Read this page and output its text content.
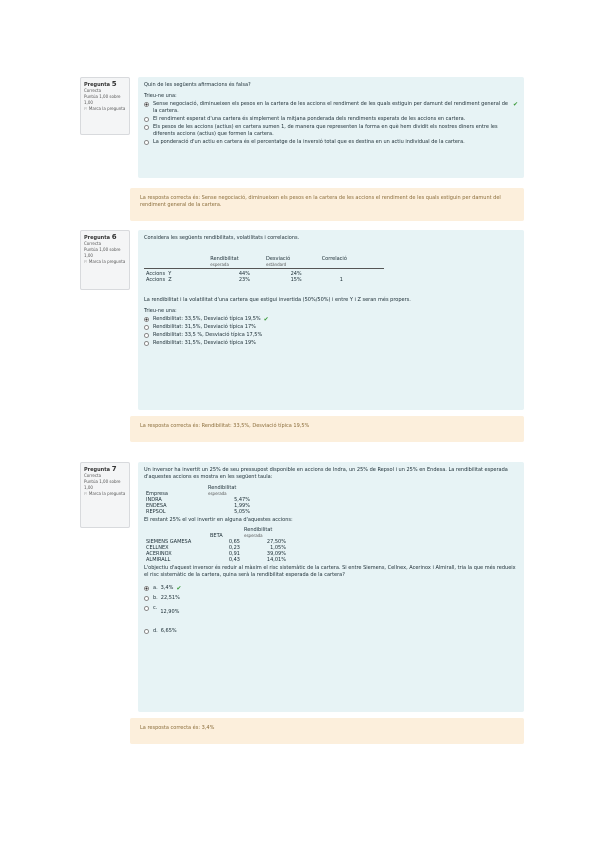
Pregunta 5
Correcta
Puntúa 1,00 sobre 1,00
⚐ Marca la pregunta
Quin de les següents afirmacions és falsa?
Trieu-ne una:
Sense negociació, diminueixen els pesos en la cartera de les accions el rendiment de les quals estiguin per damunt del rendiment general de la cartera.
✔
El rendiment esperat d'una cartera és simplement la mitjana ponderada dels rendiments esperats de les accions en cartera.
Els pesos de les accions (actius) en cartera sumen 1, de manera que representen la forma en què hem dividit els nostres diners entre les diferents accions (actius) que formen la cartera.
La ponderació d'un actiu en cartera és el percentatge de la inversió total que es destina en un actiu individual de la cartera.
La resposta correcta és: Sense negociació, diminueixen els pesos en la cartera de les accions el rendiment de les quals estiguin per damunt del rendiment general de la cartera.
Pregunta 6
Correcta
Puntúa 1,00 sobre 1,00
⚐ Marca la pregunta
Considera les següents rendibilitats, volatilitats i correlacions.
	Rendibilitat
esperada	Desviació
estàndard	Correlació
Accions Y	44%	24%	
Accions Z	23%	15%	1
La rendibilitat i la volatilitat d'una cartera que estigui invertida (50%/50%) i entre Y i Z seran més propers.
Trieu-ne una:
Rendibilitat: 33,5%, Desviació típica 19,5% ✔
Rendibilitat: 31,5%, Desviació típica 17%
Rendibilitat: 33,5 %, Desviació típica 17,5%
Rendibilitat: 31,5%, Desviació típica 19%
La resposta correcta és: Rendibilitat: 33,5%, Desviació típica 19,5%
Pregunta 7
Correcta
Puntúa 1,00 sobre 1,00
⚐ Marca la pregunta
Un inversor ha invertit un 25% de seu pressupost disponible en accions de Indra, un 25% de Repsol i un 25% en Endesa. La rendibilitat esperada d'aquestes accions es mostra en les següent taula:
Empresa	Rendibilitat
esperada

INDRA	5,47%
ENDESA	1,99%
REPSOL	5,05%
El restant 25% el vol invertir en alguna d'aquestes accions:
	BETA	Rendibilitat
esperada

SIEMENS GAMESA	0,65	27,50%
CELLNEX	0,23	1,05%
ACERINOX	0,91	39,09%
ALMIRALL	0,43	14,01%
L'objectiu d'aquest inversor és reduir al màxim el risc sistemàtic de la cartera. Si entre Siemens, Cellnex, Acerinox i Almirall, tria la que més redueix el risc sistemàtic de la cartera, quina serà la rendibilitat esperada de la cartera?
a. 3,4% ✔
b. 22,51%
c.
12,90%
d. 6,65%
La resposta correcta és: 3,4%
